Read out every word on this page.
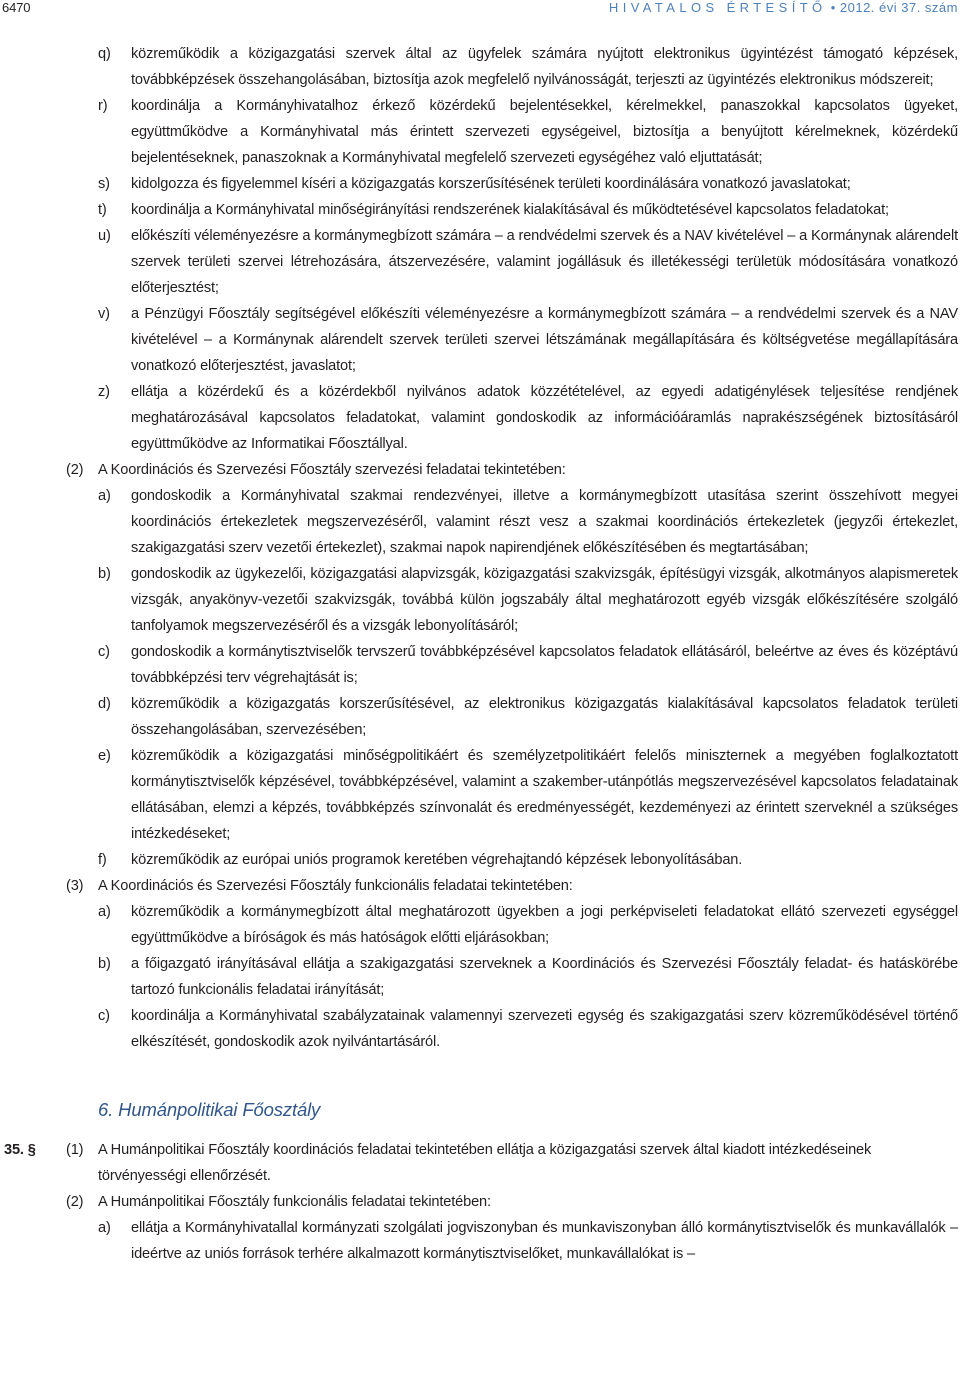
6470	HIVATALOS ÉRTESÍTŐ • 2012. évi 37. szám
q) közreműködik a közigazgatási szervek által az ügyfelek számára nyújtott elektronikus ügyintézést támogató képzések, továbbképzések összehangolásában, biztosítja azok megfelelő nyilvánosságát, terjeszti az ügyintézés elektronikus módszereit;
r) koordinálja a Kormányhivatalhoz érkező közérdekű bejelentésekkel, kérelmekkel, panaszokkal kapcsolatos ügyeket, együttműködve a Kormányhivatal más érintett szervezeti egységeivel, biztosítja a benyújtott kérelmeknek, közérdekű bejelentéseknek, panaszoknak a Kormányhivatal megfelelő szervezeti egységéhez való eljuttatását;
s) kidolgozza és figyelemmel kíséri a közigazgatás korszerűsítésének területi koordinálására vonatkozó javaslatokat;
t) koordinálja a Kormányhivatal minőségirányítási rendszerének kialakításával és működtetésével kapcsolatos feladatokat;
u) előkészíti véleményezésre a kormánymegbízott számára – a rendvédelmi szervek és a NAV kivételével – a Kormánynak alárendelt szervek területi szervei létrehozására, átszervezésére, valamint jogállásuk és illetékességi területük módosítására vonatkozó előterjesztést;
v) a Pénzügyi Főosztály segítségével előkészíti véleményezésre a kormánymegbízott számára – a rendvédelmi szervek és a NAV kivételével – a Kormánynak alárendelt szervek területi szervei létszámának megállapítására és költségvetése megállapítására vonatkozó előterjesztést, javaslatot;
z) ellátja a közérdekű és a közérdekből nyilvános adatok közzétételével, az egyedi adatigénylések teljesítése rendjének meghatározásával kapcsolatos feladatokat, valamint gondoskodik az információáramlás naprakészségének biztosításáról együttműködve az Informatikai Főosztállyal.
(2) A Koordinációs és Szervezési Főosztály szervezési feladatai tekintetében:
a) gondoskodik a Kormányhivatal szakmai rendezvényei, illetve a kormánymegbízott utasítása szerint összehívott megyei koordinációs értekezletek megszervezéséről, valamint részt vesz a szakmai koordinációs értekezletek (jegyzői értekezlet, szakigazgatási szerv vezetői értekezlet), szakmai napok napirendjének előkészítésében és megtartásában;
b) gondoskodik az ügykezelői, közigazgatási alapvizsgák, közigazgatási szakvizsgák, építésügyi vizsgák, alkotmányos alapismeretek vizsgák, anyakönyv-vezetői szakvizsgák, továbbá külön jogszabály által meghatározott egyéb vizsgák előkészítésére szolgáló tanfolyamok megszervezéséről és a vizsgák lebonyolításáról;
c) gondoskodik a kormánytisztviselők tervszerű továbbképzésével kapcsolatos feladatok ellátásáról, beleértve az éves és középtávú továbbképzési terv végrehajtását is;
d) közreműködik a közigazgatás korszerűsítésével, az elektronikus közigazgatás kialakításával kapcsolatos feladatok területi összehangolásában, szervezésében;
e) közreműködik a közigazgatási minőségpolitikáért és személyzetpolitikáért felelős miniszternek a megyében foglalkoztatott kormánytisztviselők képzésével, továbbképzésével, valamint a szakember-utánpótlás megszervezésével kapcsolatos feladatainak ellátásában, elemzi a képzés, továbbképzés színvonalát és eredményességét, kezdeményezi az érintett szerveknél a szükséges intézkedéseket;
f) közreműködik az európai uniós programok keretében végrehajtandó képzések lebonyolításában.
(3) A Koordinációs és Szervezési Főosztály funkcionális feladatai tekintetében:
a) közreműködik a kormánymegbízott által meghatározott ügyekben a jogi perképviseleti feladatokat ellátó szervezeti egységgel együttműködve a bíróságok és más hatóságok előtti eljárásokban;
b) a főigazgató irányításával ellátja a szakigazgatási szerveknek a Koordinációs és Szervezési Főosztály feladat- és hatáskörébe tartozó funkcionális feladatai irányítását;
c) koordinálja a Kormányhivatal szabályzatainak valamennyi szervezeti egység és szakigazgatási szerv közreműködésével történő elkészítését, gondoskodik azok nyilvántartásáról.
6. Humánpolitikai Főosztály
35. § (1) A Humánpolitikai Főosztály koordinációs feladatai tekintetében ellátja a közigazgatási szervek által kiadott intézkedéseinek törvényességi ellenőrzését.
(2) A Humánpolitikai Főosztály funkcionális feladatai tekintetében:
a) ellátja a Kormányhivatallal kormányzati szolgálati jogviszonyban és munkaviszonyban álló kormánytisztviselők és munkavállalók – ideértve az uniós források terhére alkalmazott kormánytisztviselőket, munkavállalókat is –
